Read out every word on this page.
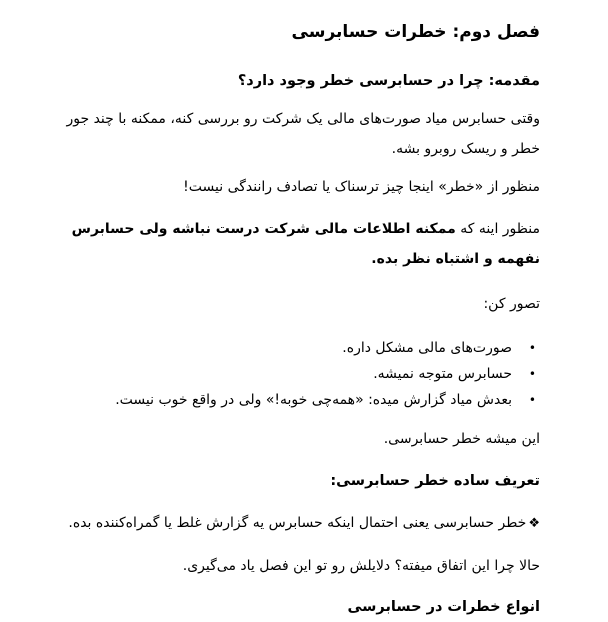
فصل دوم: خطرات حسابرسی
مقدمه: چرا در حسابرسی خطر وجود دارد؟
وقتی حسابرس میاد صورت‌های مالی یک شرکت رو بررسی کنه، ممکنه با چند جور خطر و ریسک روبرو بشه.
منظور از «خطر» اینجا چیز ترسناک یا تصادف رانندگی نیست!
منظور اینه که ممکنه اطلاعات مالی شرکت درست نباشه ولی حسابرس نفهمه و اشتباه نظر بده.
تصور کن:
• صورت‌های مالی مشکل داره.
• حسابرس متوجه نمیشه.
• بعدش میاد گزارش میده: «همه‌چی خوبه!» ولی در واقع خوب نیست.
این میشه خطر حسابرسی.
تعریف ساده خطر حسابرسی:
❖خطر حسابرسی یعنی احتمال اینکه حسابرس یه گزارش غلط یا گمراه‌کننده بده.
حالا چرا این اتفاق میفته؟ دلایلش رو تو این فصل یاد می‌گیری.
انواع خطرات در حسابرسی
